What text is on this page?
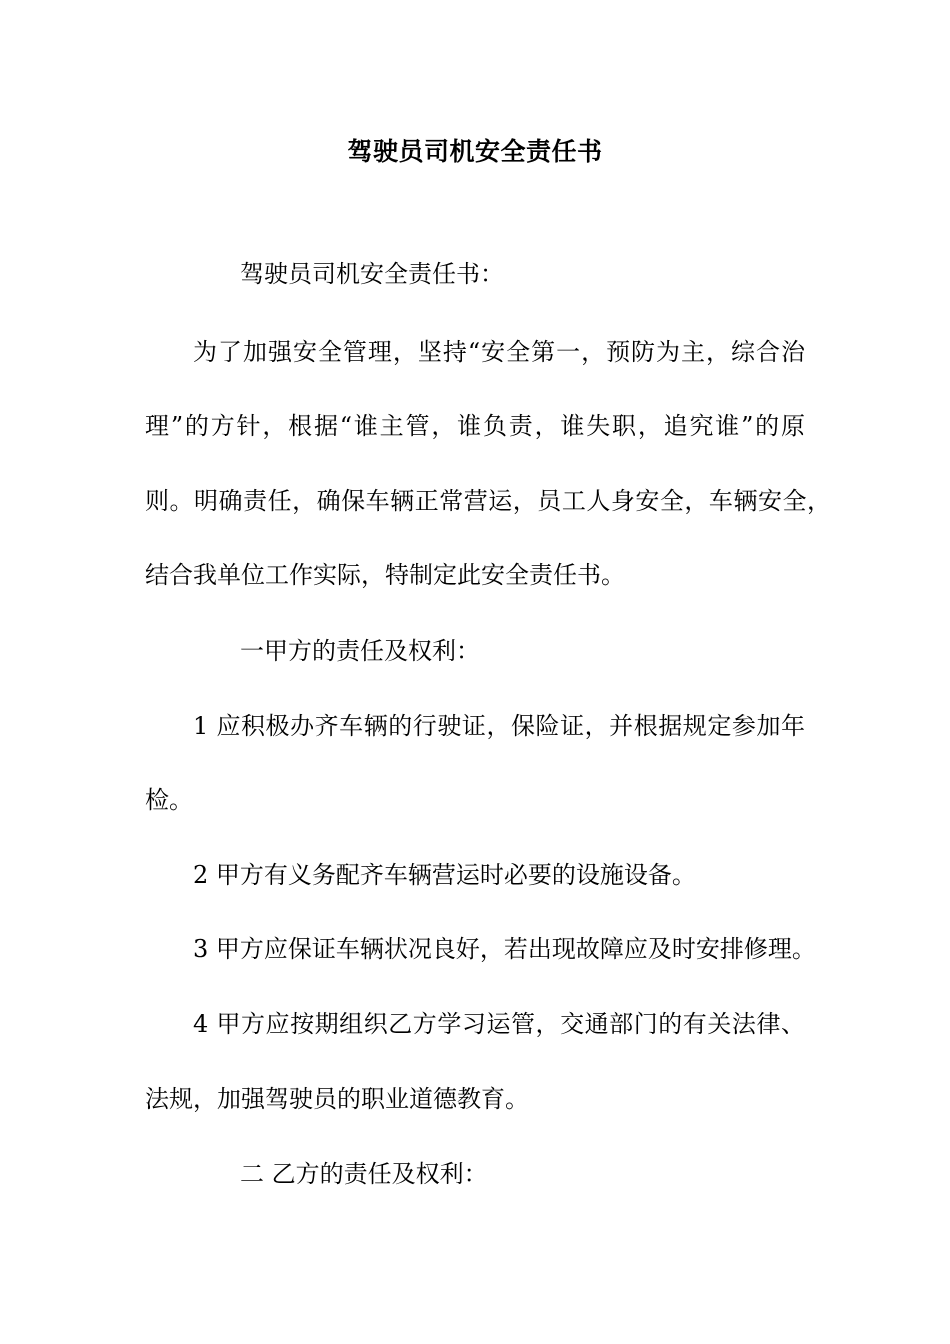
驾驶员司机安全责任书
驾驶员司机安全责任书：
为了加强安全管理，坚持“安全第一，预防为主，综合治
理”的方针，根据“谁主管，谁负责，谁失职，追究谁”的原
则。明确责任，确保车辆正常营运，员工人身安全，车辆安全，
结合我单位工作实际，特制定此安全责任书。
一甲方的责任及权利：
1 应积极办齐车辆的行驶证，保险证，并根据规定参加年
检。
2 甲方有义务配齐车辆营运时必要的设施设备。
3 甲方应保证车辆状况良好，若出现故障应及时安排修理。
4 甲方应按期组织乙方学习运管，交通部门的有关法律、
法规，加强驾驶员的职业道德教育。
二 乙方的责任及权利：
